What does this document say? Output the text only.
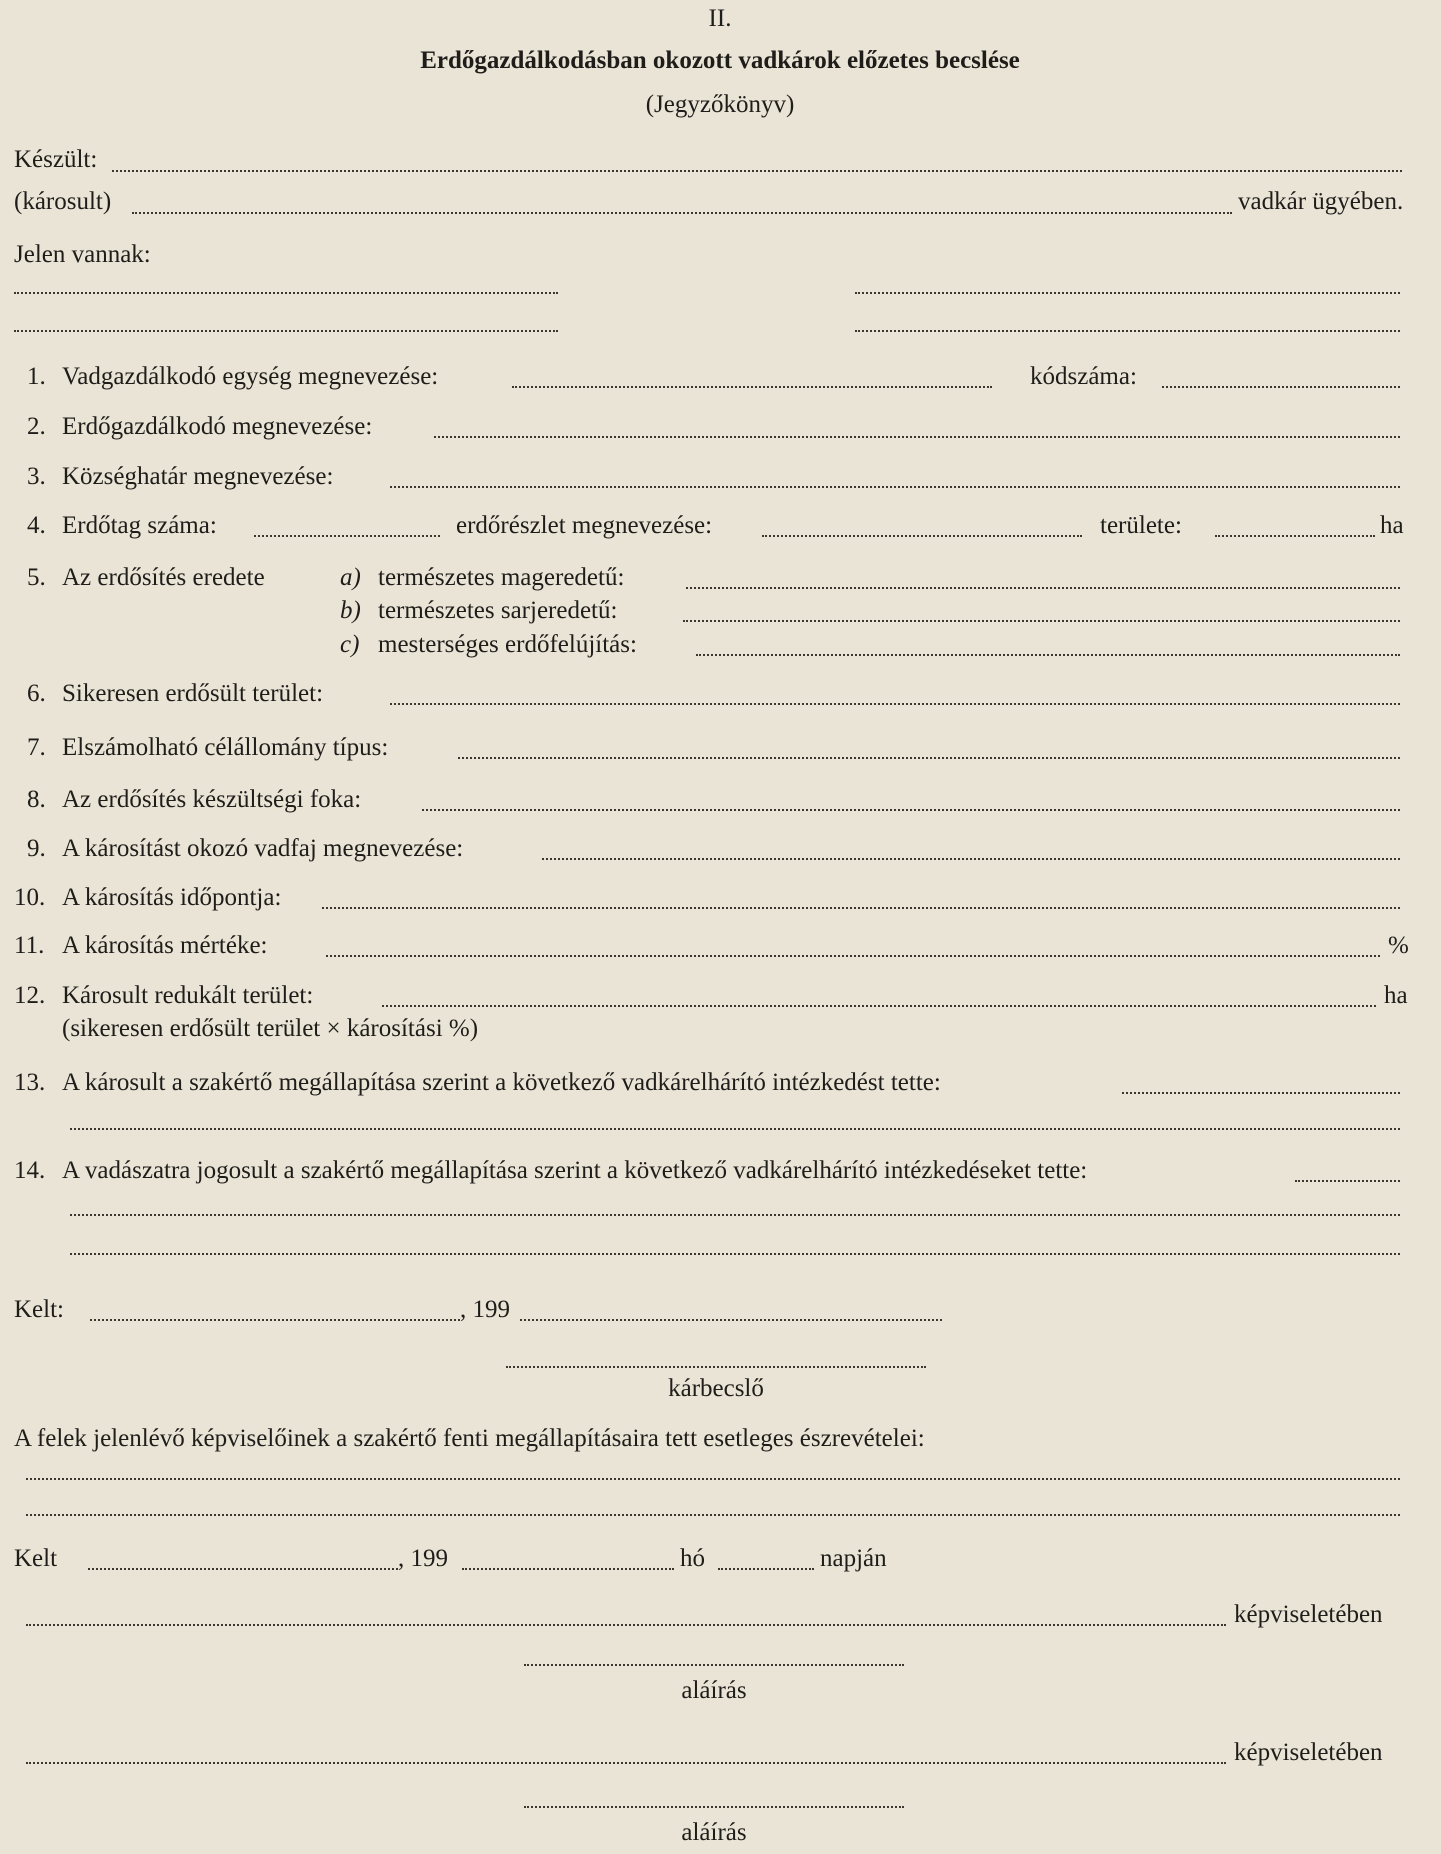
II.
Erdőgazdálkodásban okozott vadkárok előzetes becslése
(Jegyzőkönyv)
Készült:
(károsult)	vadkár ügyében.
Jelen vannak:
1. Vadgazdálkodó egység megnevezése:	kódszáma:
2. Erdőgazdálkodó megnevezése:
3. Községhatár megnevezése:
4. Erdőtag száma:	erdőrészlet megnevezése:	területe:	ha
5. Az erdősítés eredete	a) természetes magеredetű:
b) természetes sarjeredetű:
c) mesterséges erdőfelújítás:
6. Sikeresen erdősült terület:
7. Elszámolható célállomány típus:
8. Az erdősítés készültségi foka:
9. A károsítást okozó vadfaj megnevezése:
10. A károsítás időpontja:
11. A károsítás mértéke:	%
12. Károsult redukált terület:	ha
(sikeresen erdősült terület × károsítási %)
13. A károsult a szakértő megállapítása szerint a következő vadkárelhárító intézkedést tette:
14. A vadászatra jogosult a szakértő megállapítása szerint a következő vadkárelhárító intézkedéseket tette:
Kelt:	, 199
kárbecslő
A felek jelenlévő képviselőinek a szakértő fenti megállapításaira tett esetleges észrevételei:
Kelt	, 199	hó	napján
képviseletében
aláírás
képviseletében
aláírás
